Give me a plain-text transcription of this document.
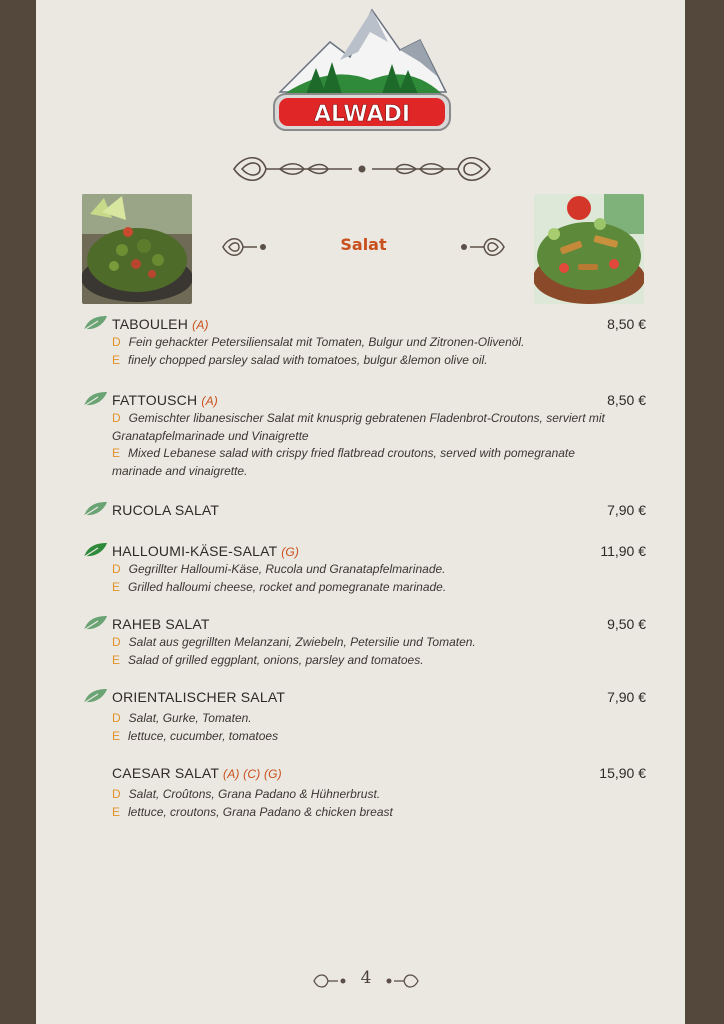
ALWADI
Salat
TABOULEH (A)	8,50 €
D Fein gehackter Petersiliensalat mit Tomaten, Bulgur und Zitronen-Olivenöl.
E finely chopped parsley salad with tomatoes, bulgur &lemon olive oil.
FATTOUSCH (A)	8,50 €
D Gemischter libanesischer Salat mit knusprig gebratenen Fladenbrot-Croutons, serviert mit Granatapfelmarinade und Vinaigrette
E Mixed Lebanese salad with crispy fried flatbread croutons, served with pomegranate marinade and vinaigrette.
RUCOLA SALAT	7,90 €
HALLOUMI-KÄSE-SALAT (G)	11,90 €
D Gegrillter Halloumi-Käse, Rucola und Granatapfelmarinade.
E Grilled halloumi cheese, rocket and pomegranate marinade.
RAHEB SALAT	9,50 €
D Salat aus gegrillten Melanzani, Zwiebeln, Petersilie und Tomaten.
E Salad of grilled eggplant, onions, parsley and tomatoes.
ORIENTALISCHER SALAT	7,90 €
D Salat, Gurke, Tomaten.
E lettuce, cucumber, tomatoes
CAESAR SALAT (A) (C) (G)	15,90 €
D Salat, Croûtons, Grana Padano & Hühnerbrust.
E lettuce, croutons, Grana Padano & chicken breast
4
